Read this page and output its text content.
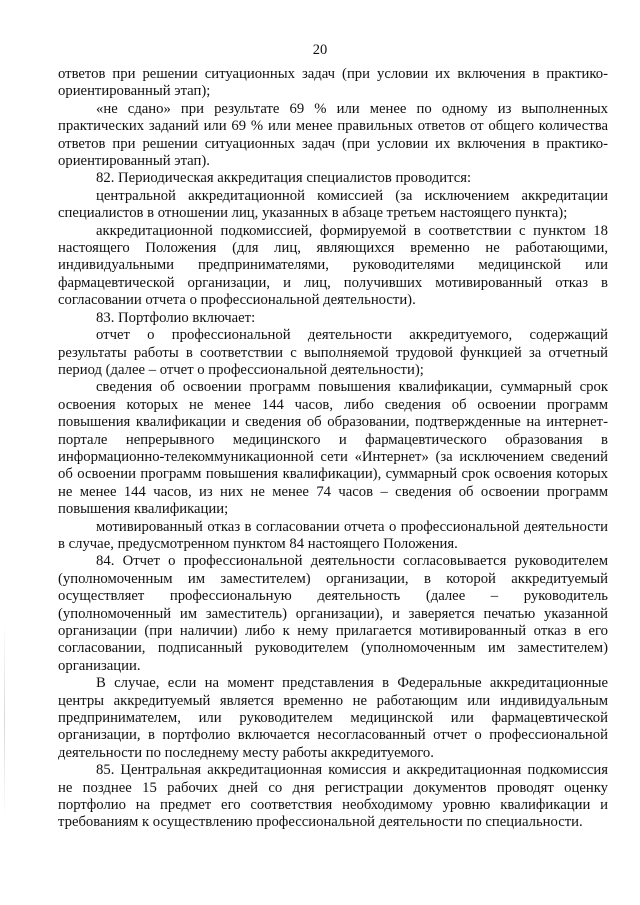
20

ответов при решении ситуационных задач (при условии их включения в практико-ориентированный этап);

«не сдано» при результате 69 % или менее по одному из выполненных практических заданий или 69 % или менее правильных ответов от общего количества ответов при решении ситуационных задач (при условии их включения в практико-ориентированный этап).

82. Периодическая аккредитация специалистов проводится:

центральной аккредитационной комиссией (за исключением аккредитации специалистов в отношении лиц, указанных в абзаце третьем настоящего пункта);

аккредитационной подкомиссией, формируемой в соответствии с пунктом 18 настоящего Положения (для лиц, являющихся временно не работающими, индивидуальными предпринимателями, руководителями медицинской или фармацевтической организации, и лиц, получивших мотивированный отказ в согласовании отчета о профессиональной деятельности).

83. Портфолио включает:

отчет о профессиональной деятельности аккредитуемого, содержащий результаты работы в соответствии с выполняемой трудовой функцией за отчетный период (далее – отчет о профессиональной деятельности);

сведения об освоении программ повышения квалификации, суммарный срок освоения которых не менее 144 часов, либо сведения об освоении программ повышения квалификации и сведения об образовании, подтвержденные на интернет-портале непрерывного медицинского и фармацевтического образования в информационно-телекоммуникационной сети «Интернет» (за исключением сведений об освоении программ повышения квалификации), суммарный срок освоения которых не менее 144 часов, из них не менее 74 часов – сведения об освоении программ повышения квалификации;

мотивированный отказ в согласовании отчета о профессиональной деятельности в случае, предусмотренном пунктом 84 настоящего Положения.

84. Отчет о профессиональной деятельности согласовывается руководителем (уполномоченным им заместителем) организации, в которой аккредитуемый осуществляет профессиональную деятельность (далее – руководитель (уполномоченный им заместитель) организации), и заверяется печатью указанной организации (при наличии) либо к нему прилагается мотивированный отказ в его согласовании, подписанный руководителем (уполномоченным им заместителем) организации.

В случае, если на момент представления в Федеральные аккредитационные центры аккредитуемый является временно не работающим или индивидуальным предпринимателем, или руководителем медицинской или фармацевтической организации, в портфолио включается несогласованный отчет о профессиональной деятельности по последнему месту работы аккредитуемого.

85. Центральная аккредитационная комиссия и аккредитационная подкомиссия не позднее 15 рабочих дней со дня регистрации документов проводят оценку портфолио на предмет его соответствия необходимому уровню квалификации и требованиям к осуществлению профессиональной деятельности по специальности.
